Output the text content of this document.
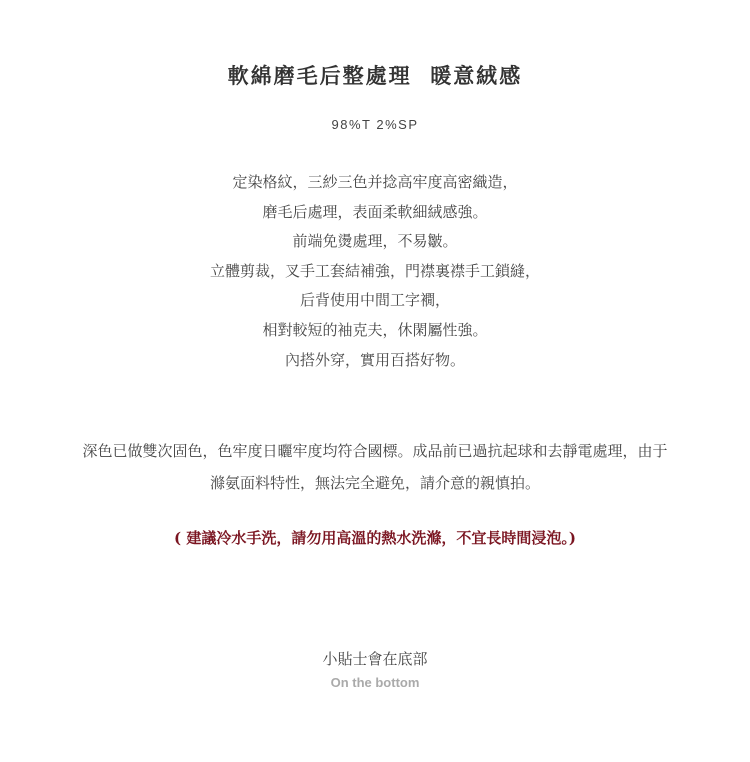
軟綿磨毛后整處理  暖意絨感
98%T 2%SP
定染格紋，三紗三色并捻高牢度高密織造，
磨毛后處理，表面柔軟細絨感強。
前端免燙處理，不易皺。
立體剪裁，叉手工套結補強，門襟裏襟手工鎖縫，
后背使用中間工字襉，
相對較短的袖克夫，休閑屬性強。
內搭外穿，實用百搭好物。
深色已做雙次固色，色牢度日曬牢度均符合國標。成品前已過抗起球和去靜電處理，由于
滌氨面料特性，無法完全避免，請介意的親慎拍。
( 建議冷水手洗，請勿用高溫的熱水洗滌，不宜長時間浸泡。)
小貼士會在底部
On the bottom
